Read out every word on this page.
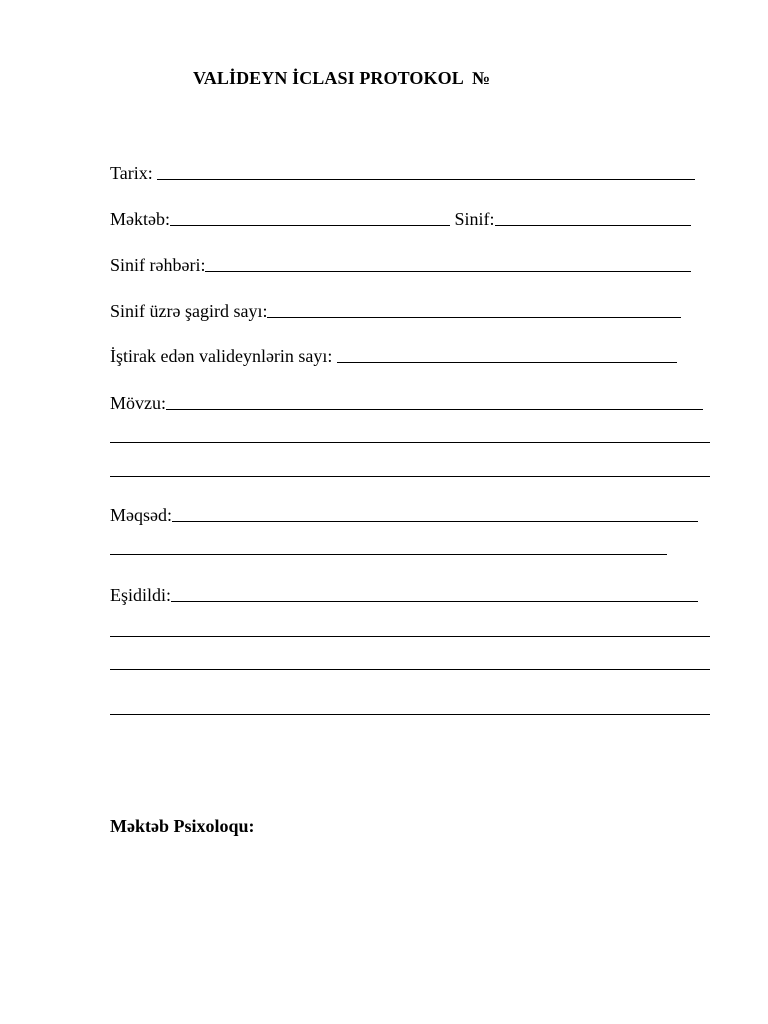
VALİDEYN İCLASI PROTOKOL  №
Tarix:
Məktəb:	Sinif:
Sinif rəhbəri:
Sinif üzrə şagird sayı:
İştirak edən valideynlərin sayı:
Mövzu:
Məqsəd:
Eşidildi:
Məktəb Psixoloqu:
